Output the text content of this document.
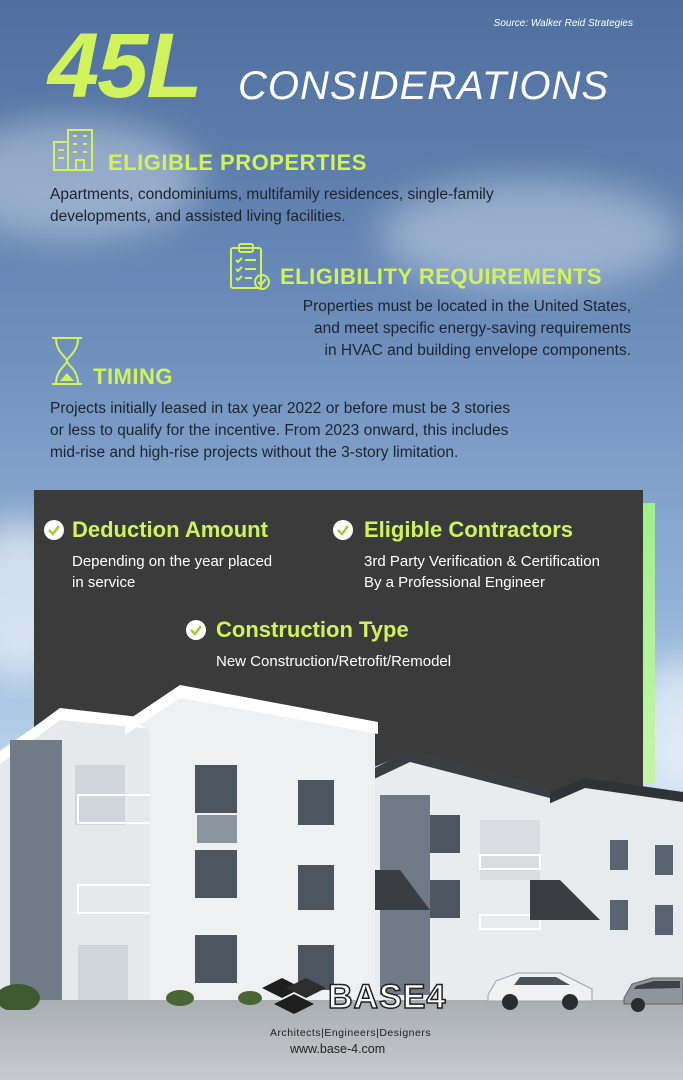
Source: Walker Reid Strategies
45L CONSIDERATIONS
ELIGIBLE PROPERTIES
Apartments, condominiums, multifamily residences, single-family
developments, and assisted living facilities.
ELIGIBILITY REQUIREMENTS
Properties must be located in the United States,
and meet specific energy-saving requirements
in HVAC and building envelope components.
TIMING
Projects initially leased in tax year 2022 or before must be 3 stories
or less to qualify for the incentive. From 2023 onward, this includes
mid-rise and high-rise projects without the 3-story limitation.
Deduction Amount
Depending on the year placed
in service
Eligible Contractors
3rd Party Verification & Certification
By a Professional Engineer
Construction Type
New Construction/Retrofit/Remodel
BASE4
Architects|Engineers|Designers
www.base-4.com
